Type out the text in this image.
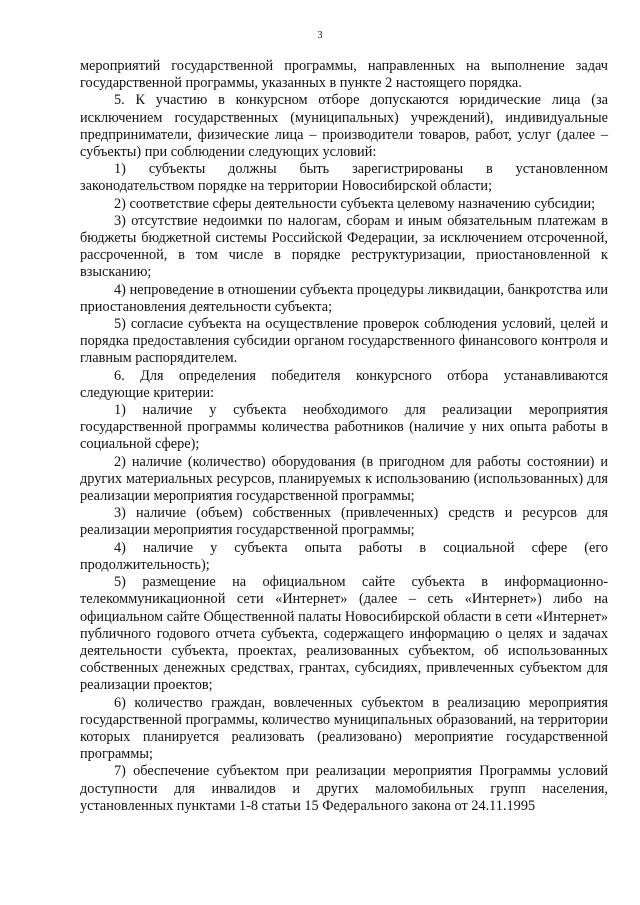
3

мероприятий государственной программы, направленных на выполнение задач государственной программы, указанных в пункте 2 настоящего порядка.

5. К участию в конкурсном отборе допускаются юридические лица (за исключением государственных (муниципальных) учреждений), индивидуальные предприниматели, физические лица – производители товаров, работ, услуг (далее – субъекты) при соблюдении следующих условий:

1) субъекты должны быть зарегистрированы в установленном законодательством порядке на территории Новосибирской области;

2) соответствие сферы деятельности субъекта целевому назначению субсидии;

3) отсутствие недоимки по налогам, сборам и иным обязательным платежам в бюджеты бюджетной системы Российской Федерации, за исключением отсроченной, рассроченной, в том числе в порядке реструктуризации, приостановленной к взысканию;

4) непроведение в отношении субъекта процедуры ликвидации, банкротства или приостановления деятельности субъекта;

5) согласие субъекта на осуществление проверок соблюдения условий, целей и порядка предоставления субсидии органом государственного финансового контроля и главным распорядителем.

6. Для определения победителя конкурсного отбора устанавливаются следующие критерии:

1) наличие у субъекта необходимого для реализации мероприятия государственной программы количества работников (наличие у них опыта работы в социальной сфере);

2) наличие (количество) оборудования (в пригодном для работы состоянии) и других материальных ресурсов, планируемых к использованию (использованных) для реализации мероприятия государственной программы;

3) наличие (объем) собственных (привлеченных) средств и ресурсов для реализации мероприятия государственной программы;

4) наличие у субъекта опыта работы в социальной сфере (его продолжительность);

5) размещение на официальном сайте субъекта в информационно-телекоммуникационной сети «Интернет» (далее – сеть «Интернет») либо на официальном сайте Общественной палаты Новосибирской области в сети «Интернет» публичного годового отчета субъекта, содержащего информацию о целях и задачах деятельности субъекта, проектах, реализованных субъектом, об использованных собственных денежных средствах, грантах, субсидиях, привлеченных субъектом для реализации проектов;

6) количество граждан, вовлеченных субъектом в реализацию мероприятия государственной программы, количество муниципальных образований, на территории которых планируется реализовать (реализовано) мероприятие государственной программы;

7) обеспечение субъектом при реализации мероприятия Программы условий доступности для инвалидов и других маломобильных групп населения, установленных пунктами 1-8 статьи 15 Федерального закона от 24.11.1995
